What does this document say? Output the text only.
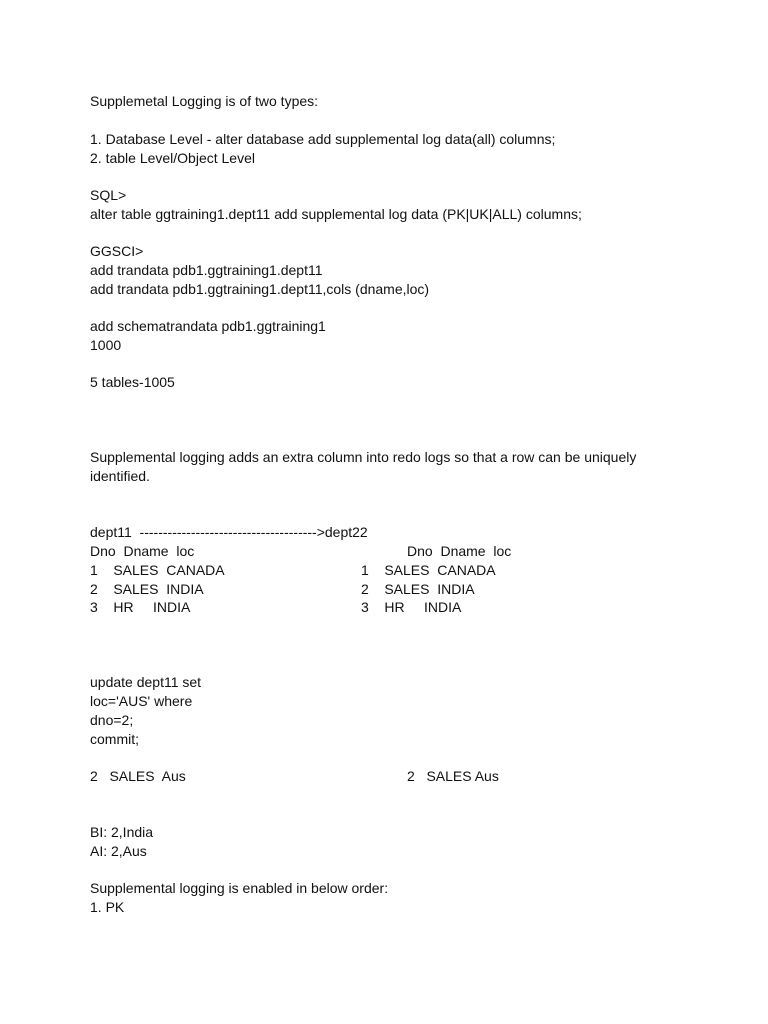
Supplemetal Logging is of two types:
1. Database Level - alter database add supplemental log data(all) columns;
2. table Level/Object Level
SQL>
alter table ggtraining1.dept11 add supplemental log data (PK|UK|ALL) columns;
GGSCI>
add trandata pdb1.ggtraining1.dept11
add trandata pdb1.ggtraining1.dept11,cols (dname,loc)
add schematrandata pdb1.ggtraining1
1000
5 tables-1005
Supplemental logging adds an extra column into redo logs so that a row can be uniquely identified.
dept11  -------------------------------------->dept22
Dno  Dname  loc	Dno  Dname  loc
1    SALES  CANADA
2    SALES  INDIA
3    HR     INDIA
1    SALES  CANADA
2    SALES  INDIA
3    HR     INDIA
update dept11 set
loc='AUS' where
dno=2;
commit;
2   SALES  Aus	2   SALES Aus
BI: 2,India
AI: 2,Aus
Supplemental logging is enabled in below order:
1. PK
